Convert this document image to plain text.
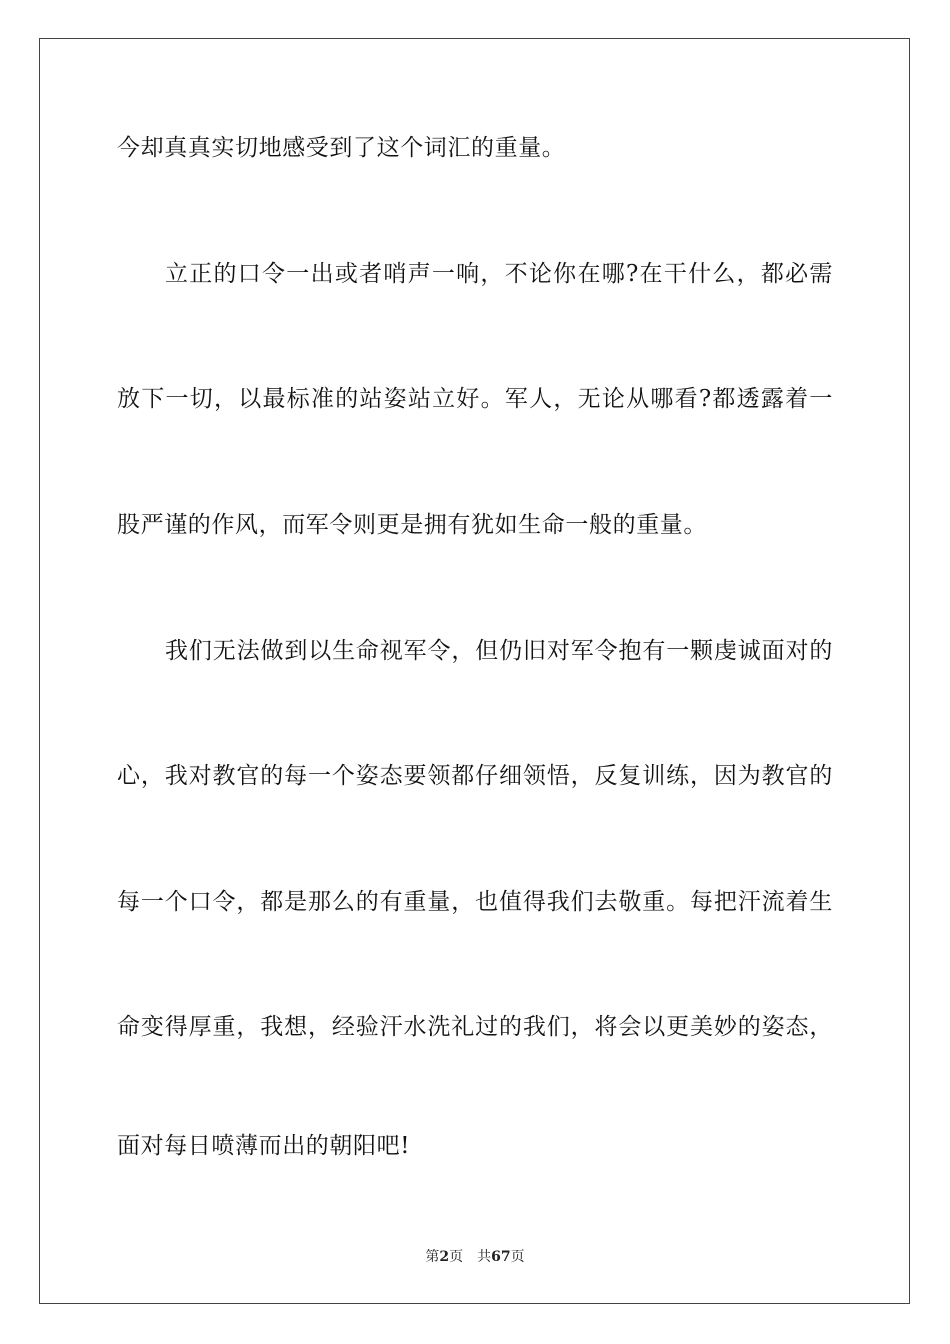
今却真真实切地感受到了这个词汇的重量。
立正的口令一出或者哨声一响，不论你在哪?在干什么，都必需
放下一切，以最标准的站姿站立好。军人，无论从哪看?都透露着一
股严谨的作风，而军令则更是拥有犹如生命一般的重量。
我们无法做到以生命视军令，但仍旧对军令抱有一颗虔诚面对的
心，我对教官的每一个姿态要领都仔细领悟，反复训练，因为教官的
每一个口令，都是那么的有重量，也值得我们去敬重。每把汗流着生
命变得厚重，我想，经验汗水洗礼过的我们，将会以更美妙的姿态，
面对每日喷薄而出的朝阳吧!
第2页 共67页
